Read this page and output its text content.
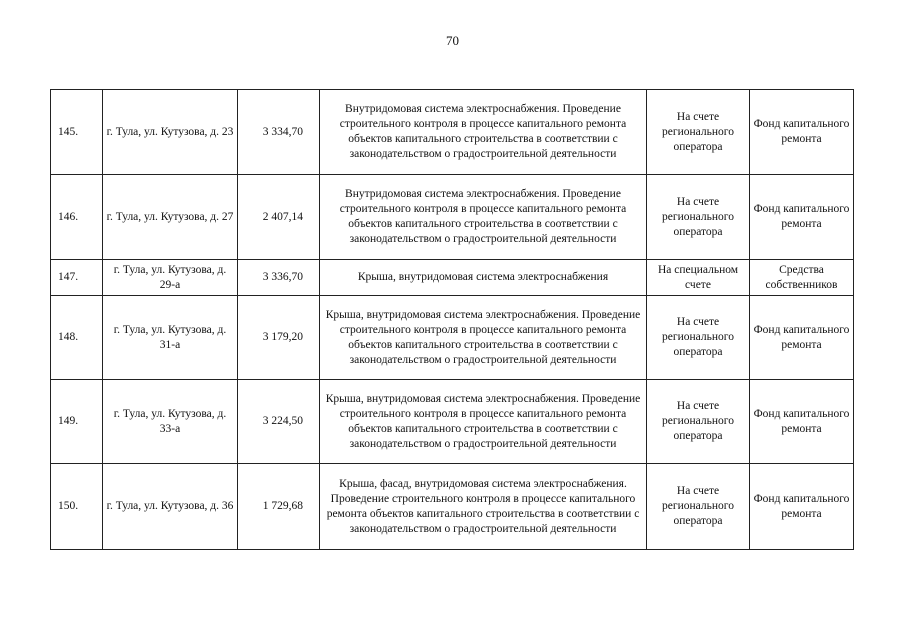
70
145.	г. Тула, ул. Кутузова, д. 23	3 334,70	Внутридомовая система электроснабжения. Проведение строительного контроля в процессе капитального ремонта объектов капитального строительства в соответствии с законодательством о градостроительной деятельности	На счете регионального оператора	Фонд капитального ремонта
146.	г. Тула, ул. Кутузова, д. 27	2 407,14	Внутридомовая система электроснабжения. Проведение строительного контроля в процессе капитального ремонта объектов капитального строительства в соответствии с законодательством о градостроительной деятельности	На счете регионального оператора	Фонд капитального ремонта
147.	г. Тула, ул. Кутузова, д. 29-а	3 336,70	Крыша, внутридомовая система электроснабжения	На специальном счете	Средства собственников
148.	г. Тула, ул. Кутузова, д. 31-а	3 179,20	Крыша, внутридомовая система электроснабжения. Проведение строительного контроля в процессе капитального ремонта объектов капитального строительства в соответствии с законодательством о градостроительной деятельности	На счете регионального оператора	Фонд капитального ремонта
149.	г. Тула, ул. Кутузова, д. 33-а	3 224,50	Крыша, внутридомовая система электроснабжения. Проведение строительного контроля в процессе капитального ремонта объектов капитального строительства в соответствии с законодательством о градостроительной деятельности	На счете регионального оператора	Фонд капитального ремонта
150.	г. Тула, ул. Кутузова, д. 36	1 729,68	Крыша, фасад, внутридомовая система электроснабжения. Проведение строительного контроля в процессе капитального ремонта объектов капитального строительства в соответствии с законодательством о градостроительной деятельности	На счете регионального оператора	Фонд капитального ремонта
